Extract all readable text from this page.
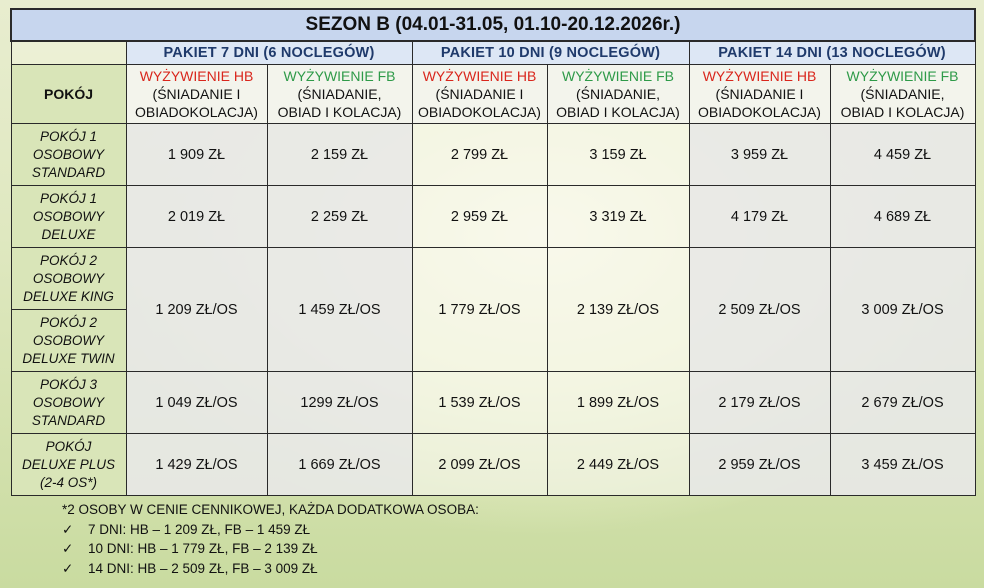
SEZON B (04.01-31.05, 01.10-20.12.2026r.)						
	PAKIET 7 DNI (6 NOCLEGÓW)		PAKIET 10 DNI (9 NOCLEGÓW)		PAKIET 14 DNI (13 NOCLEGÓW)	
POKÓJ	WYŻYWIENIE HB
(ŚNIADANIE I
OBIADOKOLACJA)	WYŻYWIENIE FB
(ŚNIADANIE,
OBIAD I KOLACJA)	WYŻYWIENIE HB
(ŚNIADANIE I
OBIADOKOLACJA)	WYŻYWIENIE FB
(ŚNIADANIE,
OBIAD I KOLACJA)	WYŻYWIENIE HB
(ŚNIADANIE I
OBIADOKOLACJA)	WYŻYWIENIE FB
(ŚNIADANIE,
OBIAD I KOLACJA)
POKÓJ 1
OSOBOWY
STANDARD	1 909 ZŁ	2 159 ZŁ	2 799 ZŁ	3 159 ZŁ	3 959 ZŁ	4 459 ZŁ
POKÓJ 1
OSOBOWY
DELUXE	2 019 ZŁ	2 259 ZŁ	2 959 ZŁ	3 319 ZŁ	4 179 ZŁ	4 689 ZŁ
POKÓJ 2
OSOBOWY
DELUXE KING	1 209 ZŁ/OS	1 459 ZŁ/OS	1 779 ZŁ/OS	2 139 ZŁ/OS	2 509 ZŁ/OS	3 009 ZŁ/OS
POKÓJ 2
OSOBOWY
DELUXE TWIN						
POKÓJ 3
OSOBOWY
STANDARD	1 049 ZŁ/OS	1299 ZŁ/OS	1 539 ZŁ/OS	1 899 ZŁ/OS	2 179 ZŁ/OS	2 679 ZŁ/OS
POKÓJ
DELUXE PLUS
(2-4 OS*)	1 429 ZŁ/OS	1 669 ZŁ/OS	2 099 ZŁ/OS	2 449 ZŁ/OS	2 959 ZŁ/OS	3 459 ZŁ/OS
*2 OSOBY W CENIE CENNIKOWEJ, KAŻDA DODATKOWA OSOBA:
✓ 7 DNI: HB – 1 209 ZŁ, FB – 1 459 ZŁ
✓ 10 DNI: HB – 1 779 ZŁ, FB – 2 139 ZŁ
✓ 14 DNI: HB – 2 509 ZŁ, FB – 3 009 ZŁ
